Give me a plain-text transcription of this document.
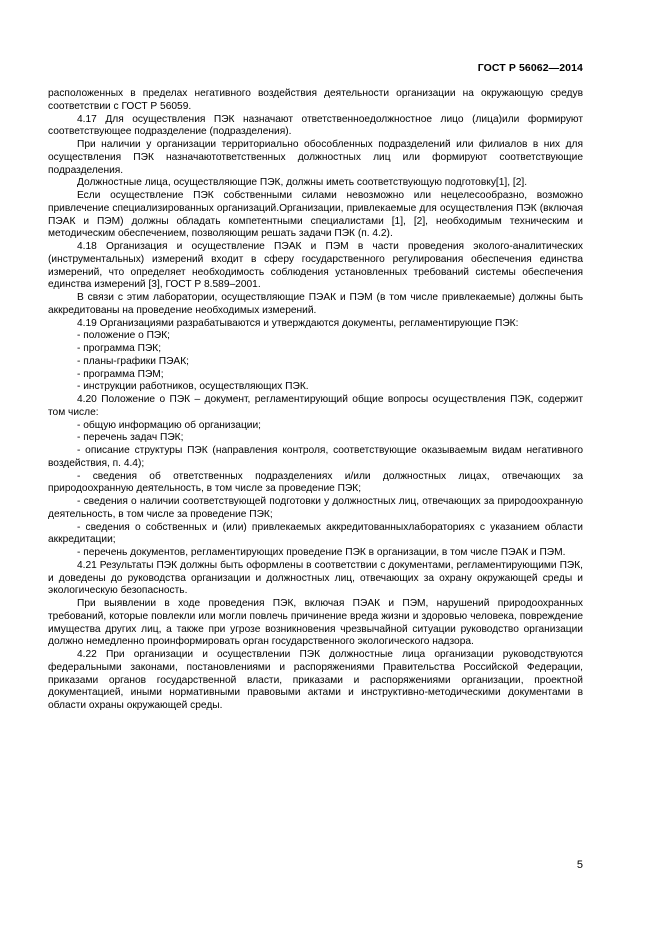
ГОСТ Р 56062—2014

расположенных в пределах негативного воздействия деятельности организации на окружающую средув соответствии с ГОСТ Р 56059.

4.17 Для осуществления ПЭК назначают ответственноедолжностное лицо (лица)или формируют соответствующее подразделение (подразделения).

При наличии у организации территориально обособленных подразделений или филиалов в них для осуществления ПЭК назначаютответственных должностных лиц или формируют соответствующие подразделения.

Должностные лица, осуществляющие ПЭК, должны иметь соответствующую подготовку[1], [2].

Если осуществление ПЭК собственными силами невозможно или нецелесообразно, возможно привлечение специализированных организаций.Организации, привлекаемые для осуществления ПЭК (включая ПЭАК и ПЭМ) должны обладать компетентными специалистами [1], [2], необходимым техническим и методическим обеспечением, позволяющим решать задачи ПЭК (п. 4.2).

4.18 Организация и осуществление ПЭАК и ПЭМ в части проведения эколого-аналитических (инструментальных) измерений входит в сферу государственного регулирования обеспечения единства измерений, что определяет необходимость соблюдения установленных требований системы обеспечения единства измерений [3], ГОСТ Р 8.589–2001.

В связи с этим лаборатории, осуществляющие ПЭАК и ПЭМ (в том числе привлекаемые) должны быть аккредитованы на проведение необходимых измерений.

4.19 Организациями разрабатываются и утверждаются документы, регламентирующие ПЭК:

- положение о ПЭК;

- программа ПЭК;

- планы-графики ПЭАК;

- программа ПЭМ;

- инструкции работников, осуществляющих ПЭК.

4.20 Положение о ПЭК – документ, регламентирующий общие вопросы осуществления ПЭК, содержит том числе:

- общую информацию об организации;

- перечень задач ПЭК;

- описание структуры ПЭК (направления контроля, соответствующие оказываемым видам негативного воздействия, п. 4.4);

- сведения об ответственных подразделениях и/или должностных лицах, отвечающих за природоохранную деятельность, в том числе за проведение ПЭК;

- сведения о наличии соответствующей подготовки у должностных лиц, отвечающих за природоохранную деятельность, в том числе за проведение ПЭК;

- сведения о собственных и (или) привлекаемых аккредитованныхлабораториях с указанием области аккредитации;

- перечень документов, регламентирующих проведение ПЭК в организации, в том числе ПЭАК и ПЭМ.

4.21 Результаты ПЭК должны быть оформлены в соответствии с документами, регламентирующими ПЭК, и доведены до руководства организации и должностных лиц, отвечающих за охрану окружающей среды и экологическую безопасность.

При выявлении в ходе проведения ПЭК, включая ПЭАК и ПЭМ, нарушений природоохранных требований, которые повлекли или могли повлечь причинение вреда жизни и здоровью человека, повреждение имущества других лиц, а также при угрозе возникновения чрезвычайной ситуации руководство организации должно немедленно проинформировать орган государственного экологического надзора.

4.22 При организации и осуществлении ПЭК должностные лица организации руководствуются федеральными законами, постановлениями и распоряжениями Правительства Российской Федерации, приказами органов государственной власти, приказами и распоряжениями организации, проектной документацией, иными нормативными правовыми актами и инструктивно-методическими документами в области охраны окружающей среды.

5
